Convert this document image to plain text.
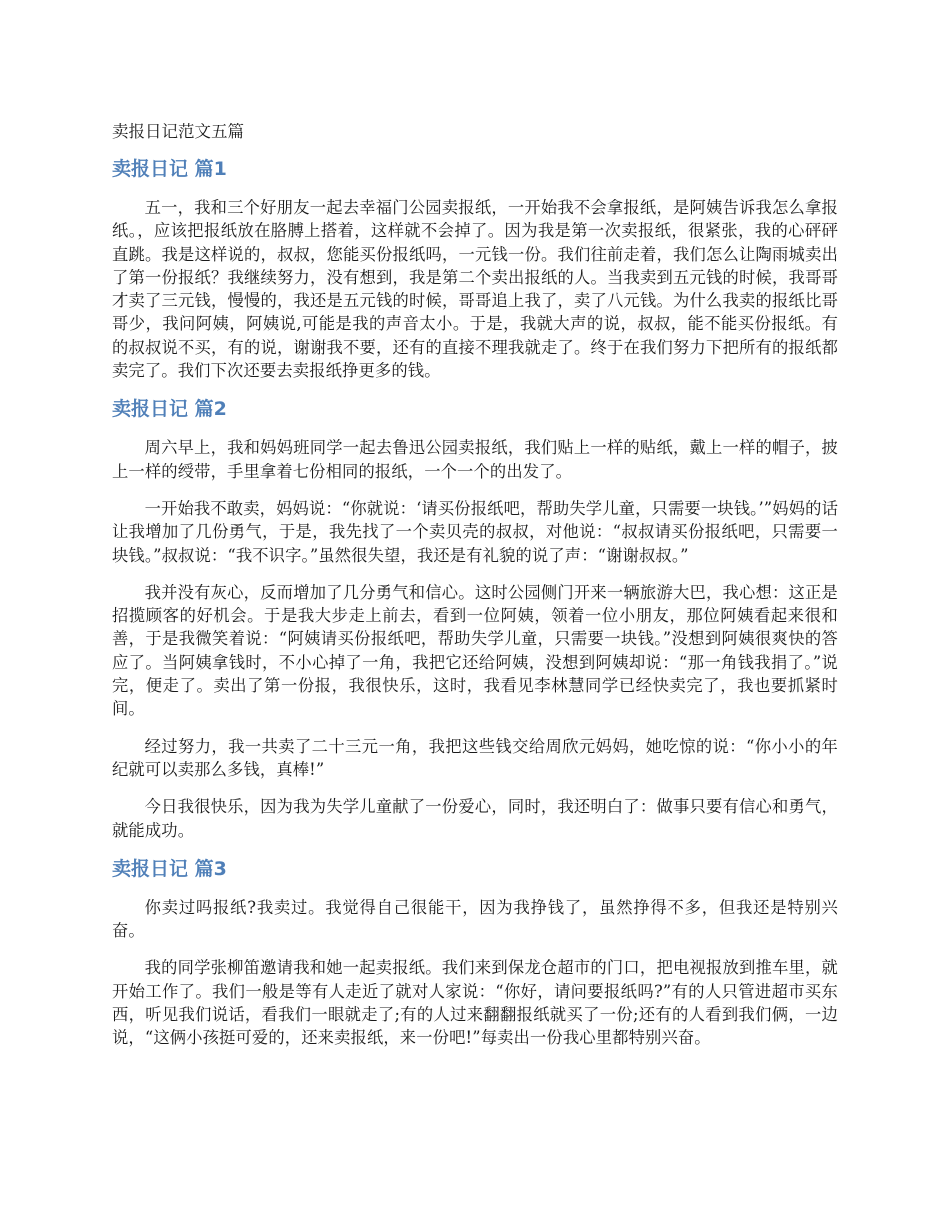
卖报日记范文五篇
卖报日记 篇1

五一，我和三个好朋友一起去幸福门公园卖报纸，一开始我不会拿报纸，是阿姨告诉我怎么拿报纸。，应该把报纸放在胳膊上搭着，这样就不会掉了。因为我是第一次卖报纸，很紧张，我的心砰砰直跳。我是这样说的，叔叔，您能买份报纸吗，一元钱一份。我们往前走着，我们怎么让陶雨城卖出了第一份报纸？我继续努力，没有想到，我是第二个卖出报纸的人。当我卖到五元钱的时候，我哥哥才卖了三元钱，慢慢的，我还是五元钱的时候，哥哥追上我了，卖了八元钱。为什么我卖的报纸比哥哥少，我问阿姨，阿姨说,可能是我的声音太小。于是，我就大声的说，叔叔，能不能买份报纸。有的叔叔说不买，有的说，谢谢我不要，还有的直接不理我就走了。终于在我们努力下把所有的报纸都卖完了。我们下次还要去卖报纸挣更多的钱。

卖报日记 篇2

周六早上，我和妈妈班同学一起去鲁迅公园卖报纸，我们贴上一样的贴纸，戴上一样的帽子，披上一样的绶带，手里拿着七份相同的报纸，一个一个的出发了。

一开始我不敢卖，妈妈说：“你就说：‘请买份报纸吧，帮助失学儿童，只需要一块钱。’”妈妈的话让我增加了几份勇气，于是，我先找了一个卖贝壳的叔叔，对他说：“叔叔请买份报纸吧，只需要一块钱。”叔叔说：“我不识字。”虽然很失望，我还是有礼貌的说了声：“谢谢叔叔。”

我并没有灰心，反而增加了几分勇气和信心。这时公园侧门开来一辆旅游大巴，我心想：这正是招揽顾客的好机会。于是我大步走上前去，看到一位阿姨，领着一位小朋友，那位阿姨看起来很和善，于是我微笑着说：“阿姨请买份报纸吧，帮助失学儿童，只需要一块钱。”没想到阿姨很爽快的答应了。当阿姨拿钱时，不小心掉了一角，我把它还给阿姨，没想到阿姨却说：“那一角钱我捐了。”说完，便走了。卖出了第一份报，我很快乐，这时，我看见李林慧同学已经快卖完了，我也要抓紧时间。

经过努力，我一共卖了二十三元一角，我把这些钱交给周欣元妈妈，她吃惊的说：“你小小的年纪就可以卖那么多钱，真棒!”

今日我很快乐，因为我为失学儿童献了一份爱心，同时，我还明白了：做事只要有信心和勇气，就能成功。

卖报日记 篇3

你卖过吗报纸?我卖过。我觉得自己很能干，因为我挣钱了，虽然挣得不多，但我还是特别兴奋。

我的同学张柳笛邀请我和她一起卖报纸。我们来到保龙仓超市的门口，把电视报放到推车里，就开始工作了。我们一般是等有人走近了就对人家说：“你好，请问要报纸吗?”有的人只管进超市买东西，听见我们说话，看我们一眼就走了;有的人过来翻翻报纸就买了一份;还有的人看到我们俩，一边说，“这俩小孩挺可爱的，还来卖报纸，来一份吧!”每卖出一份我心里都特别兴奋。
